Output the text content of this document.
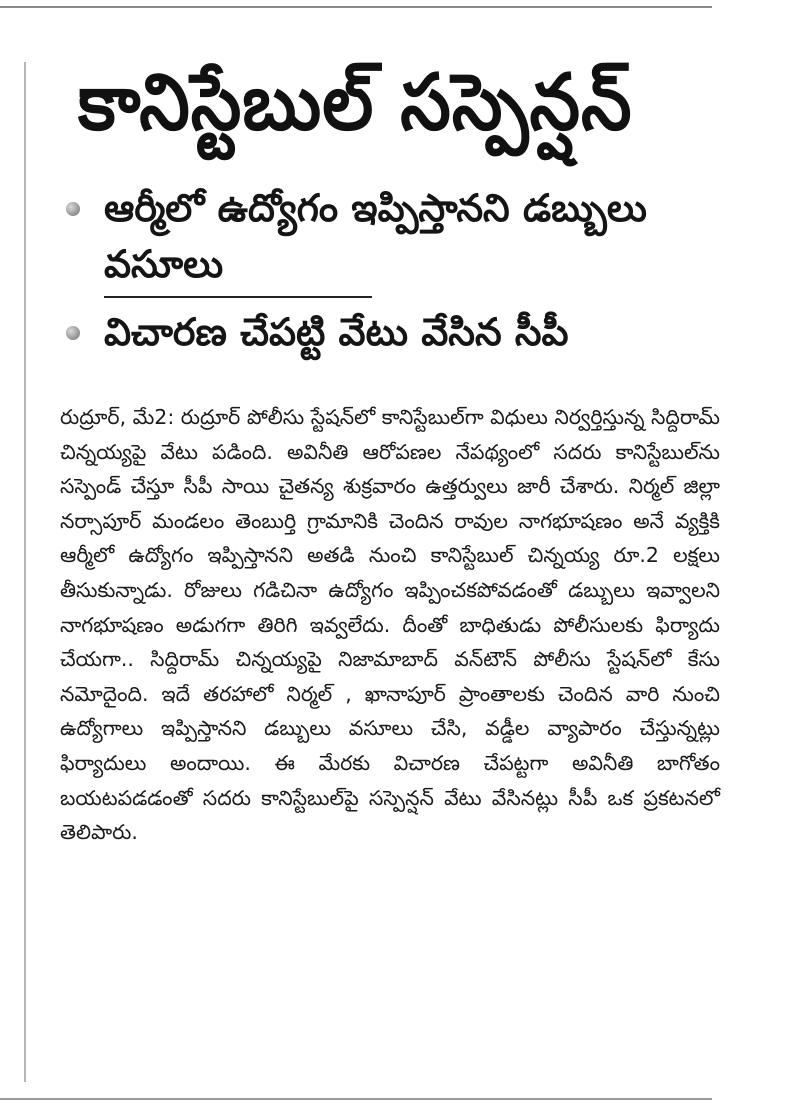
కానిస్టేబుల్ సస్పెన్షన్
ఆర్మీలో ఉద్యోగం ఇప్పిస్తానని డబ్బులు వసూలు
విచారణ చేపట్టి వేటు వేసిన సీపీ

రుద్రూర్, మే2: రుద్రూర్ పోలీసు స్టేషన్‌లో కానిస్టేబుల్‌గా విధులు నిర్వర్తిస్తున్న సిద్దిరామ్ చిన్నయ్యపై వేటు పడింది. అవినీతి ఆరోపణల నేపథ్యంలో సదరు కానిస్టేబుల్‌ను సస్పెండ్ చేస్తూ సీపీ సాయి చైతన్య శుక్రవారం ఉత్తర్వులు జారీ చేశారు. నిర్మల్ జిల్లా నర్సాపూర్ మండలం తెంబుర్తి గ్రామానికి చెందిన రావుల నాగభూషణం అనే వ్యక్తికి ఆర్మీలో ఉద్యోగం ఇప్పిస్తానని అతడి నుంచి కానిస్టేబుల్ చిన్నయ్య రూ.2 లక్షలు తీసుకున్నాడు. రోజులు గడిచినా ఉద్యోగం ఇప్పించకపోవడంతో డబ్బులు ఇవ్వాలని నాగభూషణం అడుగగా తిరిగి ఇవ్వలేదు. దీంతో బాధితుడు పోలీసులకు ఫిర్యాదు చేయగా.. సిద్దిరామ్ చిన్నయ్యపై నిజామాబాద్ వన్‌టౌన్ పోలీసు స్టేషన్‌లో కేసు నమోదైంది. ఇదే తరహాలో నిర్మల్ , ఖానాపూర్ ప్రాంతాలకు చెందిన వారి నుంచి ఉద్యోగాలు ఇప్పిస్తానని డబ్బులు వసూలు చేసి, వడ్డీల వ్యాపారం చేస్తున్నట్లు ఫిర్యాదులు అందాయి. ఈ మేరకు విచారణ చేపట్టగా అవినీతి బాగోతం బయటపడడంతో సదరు కానిస్టేబుల్‌పై సస్పెన్షన్ వేటు వేసినట్లు సీపీ ఒక ప్రకటనలో తెలిపారు.
